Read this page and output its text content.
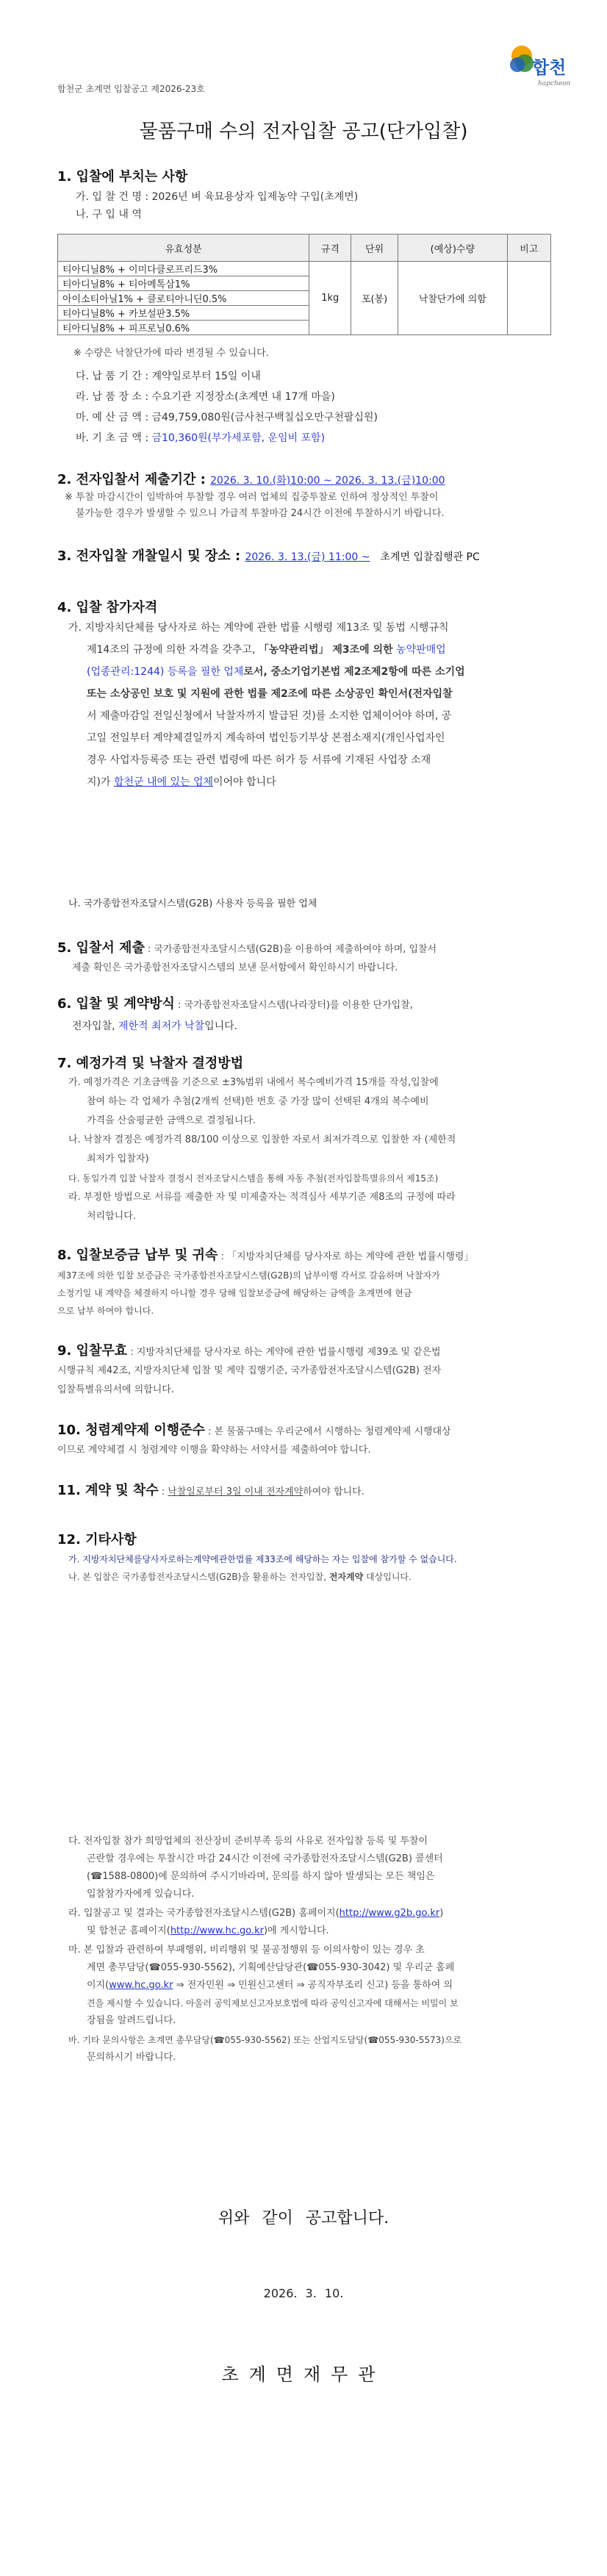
합천군 초계면 입찰공고 제2026-23호
합천
hapcheon
물품구매 수의 전자입찰 공고(단가입찰)
1. 입찰에 부치는 사항
가. 입 찰 건 명 : 2026년 벼 육묘용상자 입제농약 구입(초계면)
나. 구 입 내 역
유효성분	규격	단위	(예상)수량	비고
티아디닐8% + 이미다클로프리드3%	1kg	포(봉)	낙찰단가에 의함	
티아디닐8% + 티아메톡삼1%				
아이소티아닐1% + 클로티아니딘0.5%				
티아디닐8% + 카보설판3.5%				
티아디닐8% + 피프로닐0.6%				
※ 수량은 낙찰단가에 따라 변경될 수 있습니다.
다. 납 품 기 간 : 계약일로부터 15일 이내
라. 납 품 장 소 : 수요기관 지정장소(초계면 내 17개 마을)
마. 예 산 금 액 : 금49,759,080원(금사천구백칠십오만구천팔십원)
바. 기 초 금 액 : 금10,360원(부가세포함, 운임비 포함)
2. 전자입찰서 제출기간 : 2026. 3. 10.(화)10:00 ~ 2026. 3. 13.(금)10:00
※ 투찰 마감시간이 임박하여 투찰할 경우 여러 업체의 집중투찰로 인하여 정상적인 투찰이
불가능한 경우가 발생할 수 있으니 가급적 투찰마감 24시간 이전에 투찰하시기 바랍니다.
3. 전자입찰 개찰일시 및 장소 : 2026. 3. 13.(금) 11:00 ~ 초계면 입찰집행관 PC
4. 입찰 참가자격
가. 지방자치단체를 당사자로 하는 계약에 관한 법률 시행령 제13조 및 동법 시행규칙
제14조의 규정에 의한 자격을 갖추고, 「농약관리법」 제3조에 의한 농약판매업
(업종관리:1244) 등록을 필한 업체로서, 중소기업기본법 제2조제2항에 따른 소기업
또는 소상공인 보호 및 지원에 관한 법률 제2조에 따른 소상공인 확인서(전자입찰
서 제출마감일 전일신청에서 낙찰자까지 발급된 것)를 소지한 업체이어야 하며, 공
고일 전일부터 계약체결일까지 계속하여 법인등기부상 본점소재지(개인사업자인
경우 사업자등록증 또는 관련 법령에 따른 허가 등 서류에 기재된 사업장 소재
지)가 합천군 내에 있는 업체이어야 합니다
나. 국가종합전자조달시스템(G2B) 사용자 등록을 필한 업체
5. 입찰서 제출 : 국가종합전자조달시스템(G2B)을 이용하여 제출하여야 하며, 입찰서
제출 확인은 국가종합전자조달시스템의 보낸 문서함에서 확인하시기 바랍니다.
6. 입찰 및 계약방식 : 국가종합전자조달시스템(나라장터)를 이용한 단가입찰,
전자입찰, 제한적 최저가 낙찰입니다.
7. 예정가격 및 낙찰자 결정방법
가. 예정가격은 기초금액을 기준으로 ±3%범위 내에서 복수예비가격 15개를 작성,입찰에
참여 하는 각 업체가 추첨(2개씩 선택)한 번호 중 가장 많이 선택된 4개의 복수예비
가격을 산술평균한 금액으로 결정됩니다.
나. 낙찰자 결정은 예정가격 88/100 이상으로 입찰한 자로서 최저가격으로 입찰한 자 (제한적
최저가 입찰자)
다. 동일가격 입찰 낙찰자 결정시 전자조달시스템을 통해 자동 추첨(전자입찰특별유의서 제15조)
라. 부정한 방법으로 서류를 제출한 자 및 미제출자는 적격심사 세부기준 제8조의 규정에 따라
처리합니다.
8. 입찰보증금 납부 및 귀속 : 「지방자치단체를 당사자로 하는 계약에 관한 법률시행령」
제37조에 의한 입찰 보증금은 국가종합전자조달시스템(G2B)의 납부이행 각서로 갈음하며 낙찰자가
소정기일 내 계약을 체결하지 아니할 경우 당해 입찰보증금에 해당하는 금액을 초계면에 현금
으로 납부 하여야 합니다.
9. 입찰무효 : 지방자치단체를 당사자로 하는 계약에 관한 법률시행령 제39조 및 같은법
시행규칙 제42조, 지방자치단체 입찰 및 계약 집행기준, 국가종합전자조달시스템(G2B) 전자
입찰특별유의서에 의합니다.
10. 청렴계약제 이행준수 : 본 물품구매는 우리군에서 시행하는 청렴계약제 시행대상
이므로 계약체결 시 청렴계약 이행을 확약하는 서약서를 제출하여야 합니다.
11. 계약 및 착수 : 낙찰일로부터 3일 이내 전자계약하여야 합니다.
12. 기타사항
가. 지방자치단체를당사자로하는계약에관한법률 제33조에 해당하는 자는 입찰에 참가할 수 없습니다.
나. 본 입찰은 국가종합전자조달시스템(G2B)을 활용하는 전자입찰, 전자계약 대상입니다.
다. 전자입찰 참가 희망업체의 전산장비 준비부족 등의 사유로 전자입찰 등록 및 투찰이
곤란할 경우에는 투찰시간 마감 24시간 이전에 국가종합전자조달시스템(G2B) 콜센터
(☎1588-0800)에 문의하여 주시기바라며, 문의를 하지 않아 발생되는 모든 책임은
입찰참가자에게 있습니다.
라. 입찰공고 및 결과는 국가종합전자조달시스템(G2B) 홈페이지(http://www.g2b.go.kr)
및 합천군 홈페이지(http://www.hc.go.kr)에 게시합니다.
마. 본 입찰과 관련하여 부패행위, 비리행위 및 불공정행위 등 이의사항이 있는 경우 초
계면 총무담당(☎055-930-5562), 기획예산담당관(☎055-930-3042) 및 우리군 홈페
이지(www.hc.go.kr ⇒ 전자민원 ⇒ 민원신고센터 ⇒ 공직자부조리 신고) 등을 통하여 의
견을 제시할 수 있습니다. 아울러 공익제보신고자보호법에 따라 공익신고자에 대해서는 비밀이 보
장됨을 알려드립니다.
바. 기타 문의사항은 초계면 총무담당(☎055-930-5562) 또는 산업지도담당(☎055-930-5573)으로
문의하시기 바랍니다.
위와 같이 공고합니다.
2026. 3. 10.
초계면재무관
